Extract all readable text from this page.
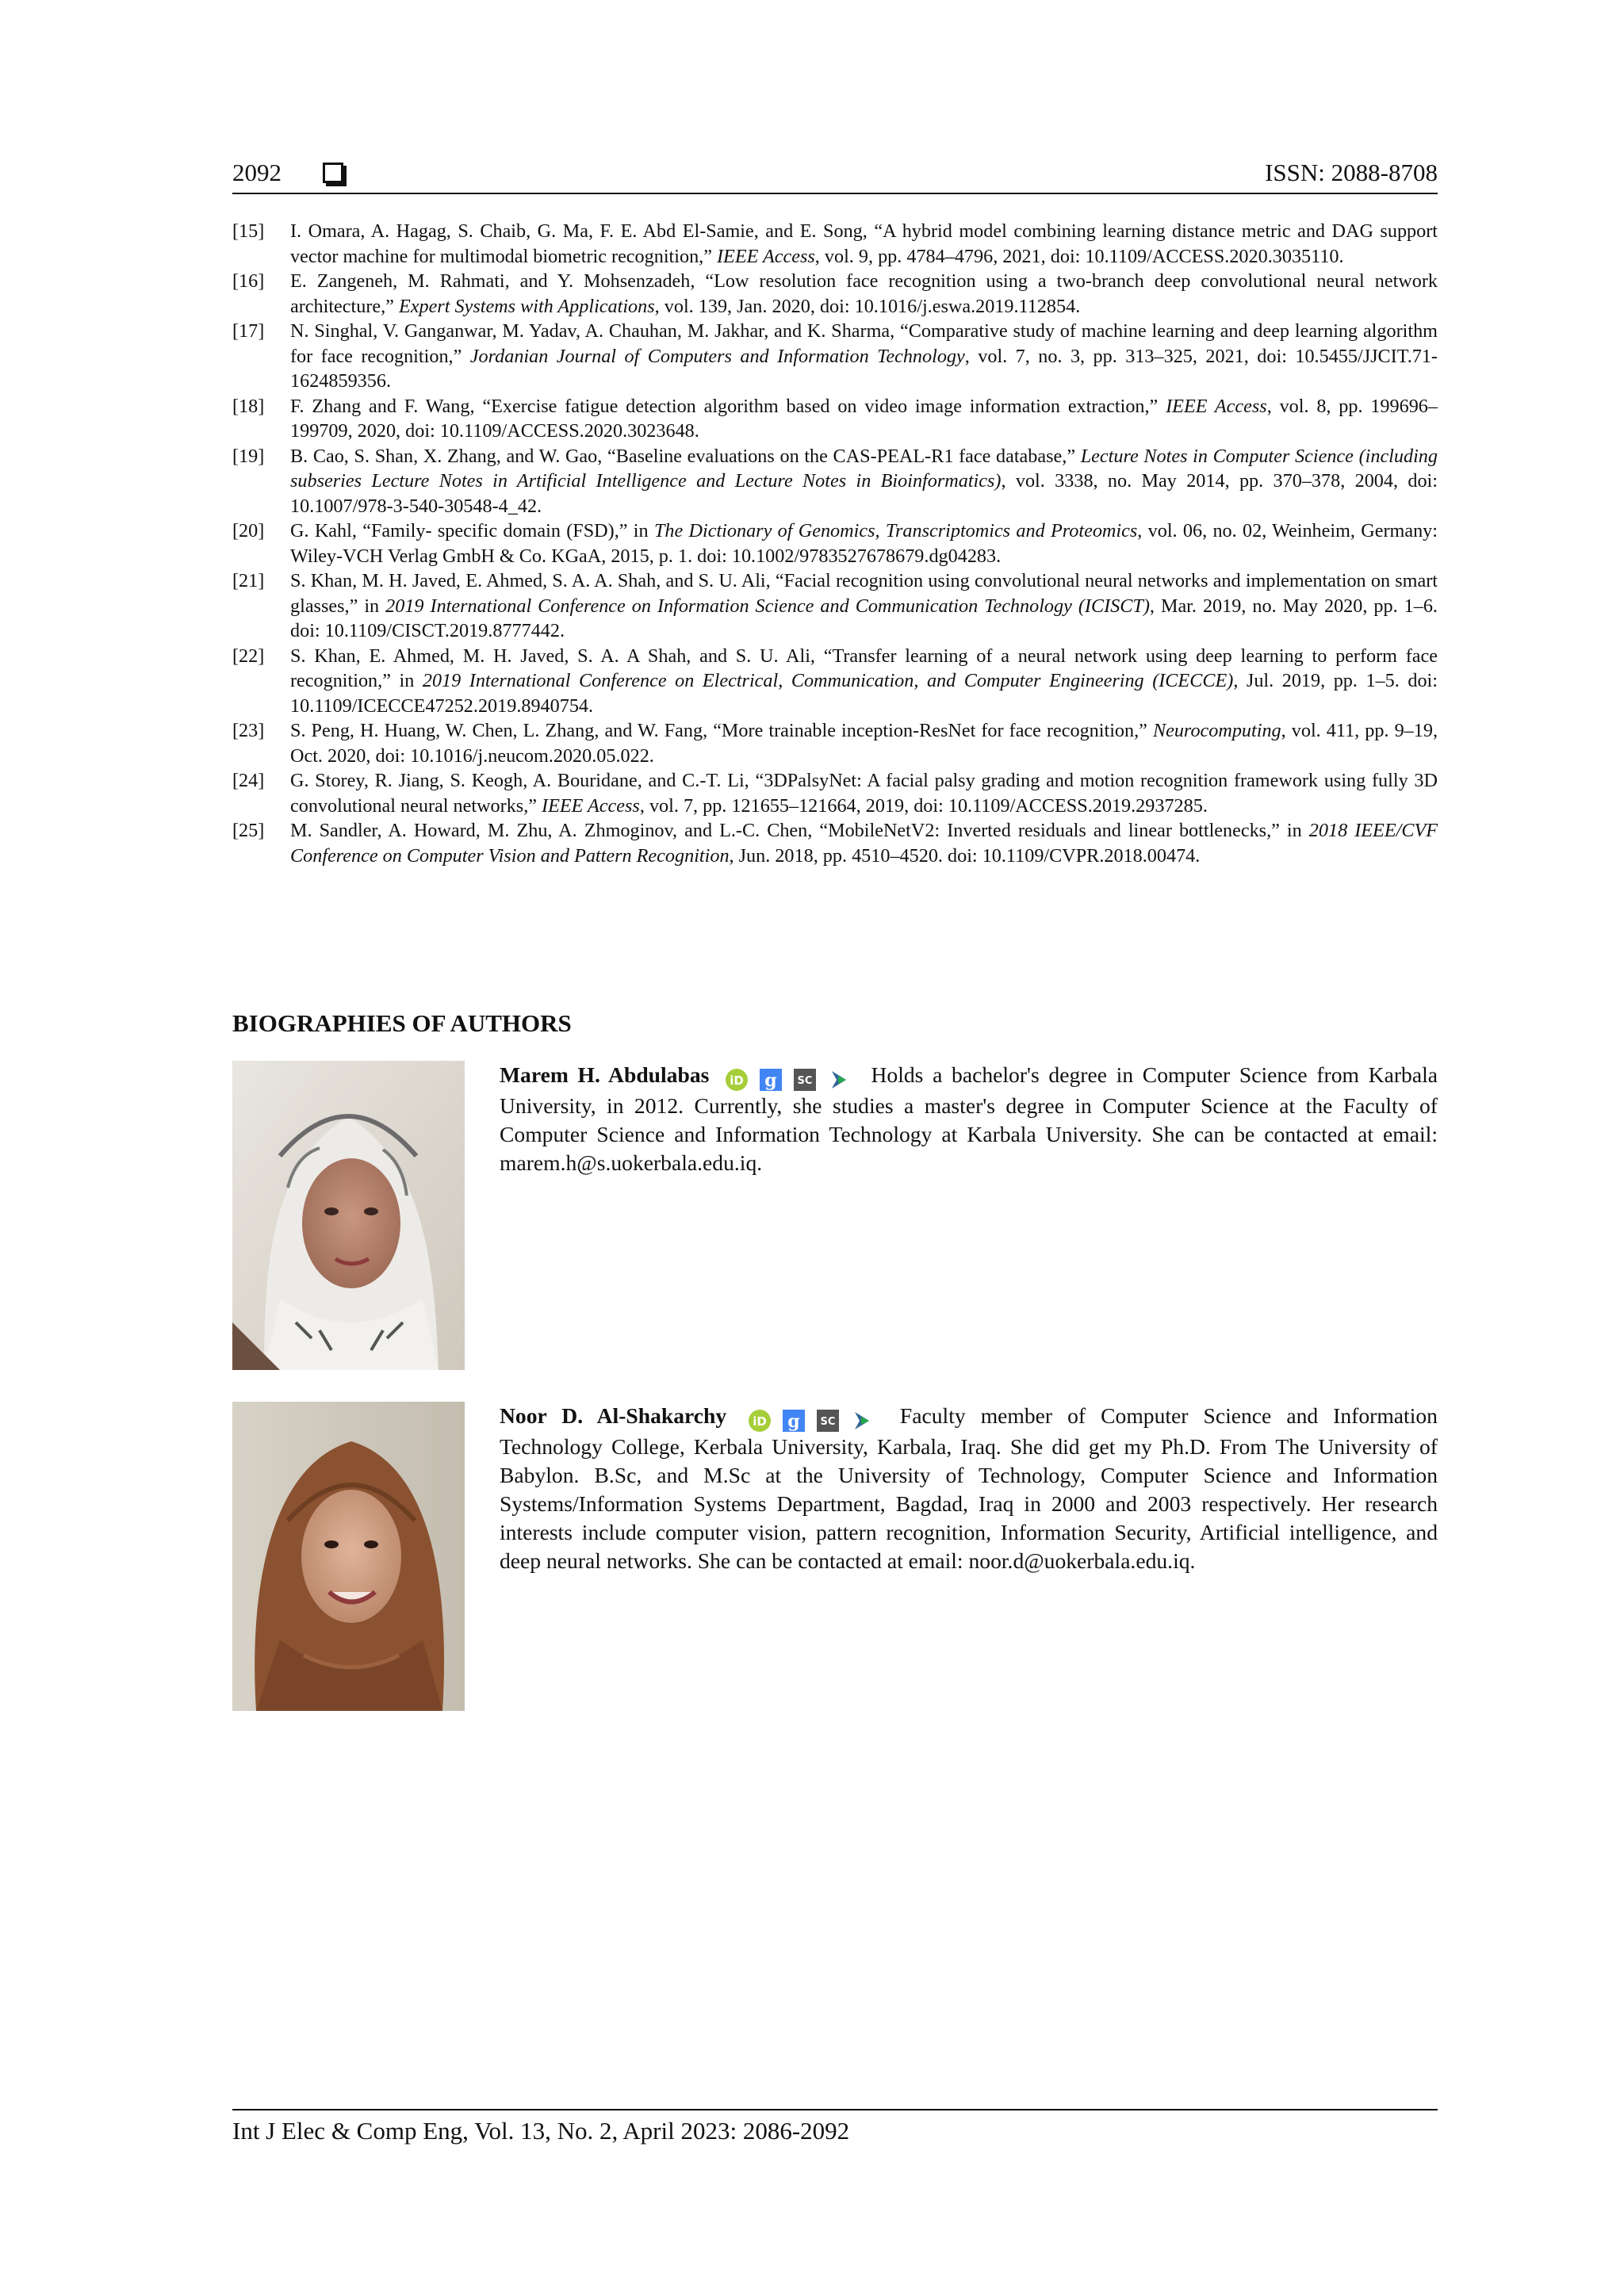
2092	ISSN: 2088-8708
[15] I. Omara, A. Hagag, S. Chaib, G. Ma, F. E. Abd El-Samie, and E. Song, “A hybrid model combining learning distance metric and DAG support vector machine for multimodal biometric recognition,” IEEE Access, vol. 9, pp. 4784–4796, 2021, doi: 10.1109/ACCESS.2020.3035110.
[16] E. Zangeneh, M. Rahmati, and Y. Mohsenzadeh, “Low resolution face recognition using a two-branch deep convolutional neural network architecture,” Expert Systems with Applications, vol. 139, Jan. 2020, doi: 10.1016/j.eswa.2019.112854.
[17] N. Singhal, V. Ganganwar, M. Yadav, A. Chauhan, M. Jakhar, and K. Sharma, “Comparative study of machine learning and deep learning algorithm for face recognition,” Jordanian Journal of Computers and Information Technology, vol. 7, no. 3, pp. 313–325, 2021, doi: 10.5455/JJCIT.71-1624859356.
[18] F. Zhang and F. Wang, “Exercise fatigue detection algorithm based on video image information extraction,” IEEE Access, vol. 8, pp. 199696–199709, 2020, doi: 10.1109/ACCESS.2020.3023648.
[19] B. Cao, S. Shan, X. Zhang, and W. Gao, “Baseline evaluations on the CAS-PEAL-R1 face database,” Lecture Notes in Computer Science (including subseries Lecture Notes in Artificial Intelligence and Lecture Notes in Bioinformatics), vol. 3338, no. May 2014, pp. 370–378, 2004, doi: 10.1007/978-3-540-30548-4_42.
[20] G. Kahl, “Family- specific domain (FSD),” in The Dictionary of Genomics, Transcriptomics and Proteomics, vol. 06, no. 02, Weinheim, Germany: Wiley-VCH Verlag GmbH & Co. KGaA, 2015, p. 1. doi: 10.1002/9783527678679.dg04283.
[21] S. Khan, M. H. Javed, E. Ahmed, S. A. A. Shah, and S. U. Ali, “Facial recognition using convolutional neural networks and implementation on smart glasses,” in 2019 International Conference on Information Science and Communication Technology (ICISCT), Mar. 2019, no. May 2020, pp. 1–6. doi: 10.1109/CISCT.2019.8777442.
[22] S. Khan, E. Ahmed, M. H. Javed, S. A. A Shah, and S. U. Ali, “Transfer learning of a neural network using deep learning to perform face recognition,” in 2019 International Conference on Electrical, Communication, and Computer Engineering (ICECCE), Jul. 2019, pp. 1–5. doi: 10.1109/ICECCE47252.2019.8940754.
[23] S. Peng, H. Huang, W. Chen, L. Zhang, and W. Fang, “More trainable inception-ResNet for face recognition,” Neurocomputing, vol. 411, pp. 9–19, Oct. 2020, doi: 10.1016/j.neucom.2020.05.022.
[24] G. Storey, R. Jiang, S. Keogh, A. Bouridane, and C.-T. Li, “3DPalsyNet: A facial palsy grading and motion recognition framework using fully 3D convolutional neural networks,” IEEE Access, vol. 7, pp. 121655–121664, 2019, doi: 10.1109/ACCESS.2019.2937285.
[25] M. Sandler, A. Howard, M. Zhu, A. Zhmoginov, and L.-C. Chen, “MobileNetV2: Inverted residuals and linear bottlenecks,” in 2018 IEEE/CVF Conference on Computer Vision and Pattern Recognition, Jun. 2018, pp. 4510–4520. doi: 10.1109/CVPR.2018.00474.
BIOGRAPHIES OF AUTHORS
Marem H. Abdulabas iD
g
SC	Holds a bachelor's degree in Computer Science from Karbala University, in 2012. Currently, she studies a master's degree in Computer Science at the Faculty of Computer Science and Information Technology at Karbala University. She can be contacted at email: marem.h@s.uokerbala.edu.iq.
Noor D. Al-Shakarchy iD
g
SC	Faculty member of Computer Science and Information Technology College, Kerbala University, Karbala, Iraq. She did get my Ph.D. From The University of Babylon. B.Sc, and M.Sc at the University of Technology, Computer Science and Information Systems/Information Systems Department, Bagdad, Iraq in 2000 and 2003 respectively. Her research interests include computer vision, pattern recognition, Information Security, Artificial intelligence, and deep neural networks. She can be contacted at email: noor.d@uokerbala.edu.iq.
Int J Elec & Comp Eng, Vol. 13, No. 2, April 2023: 2086-2092
